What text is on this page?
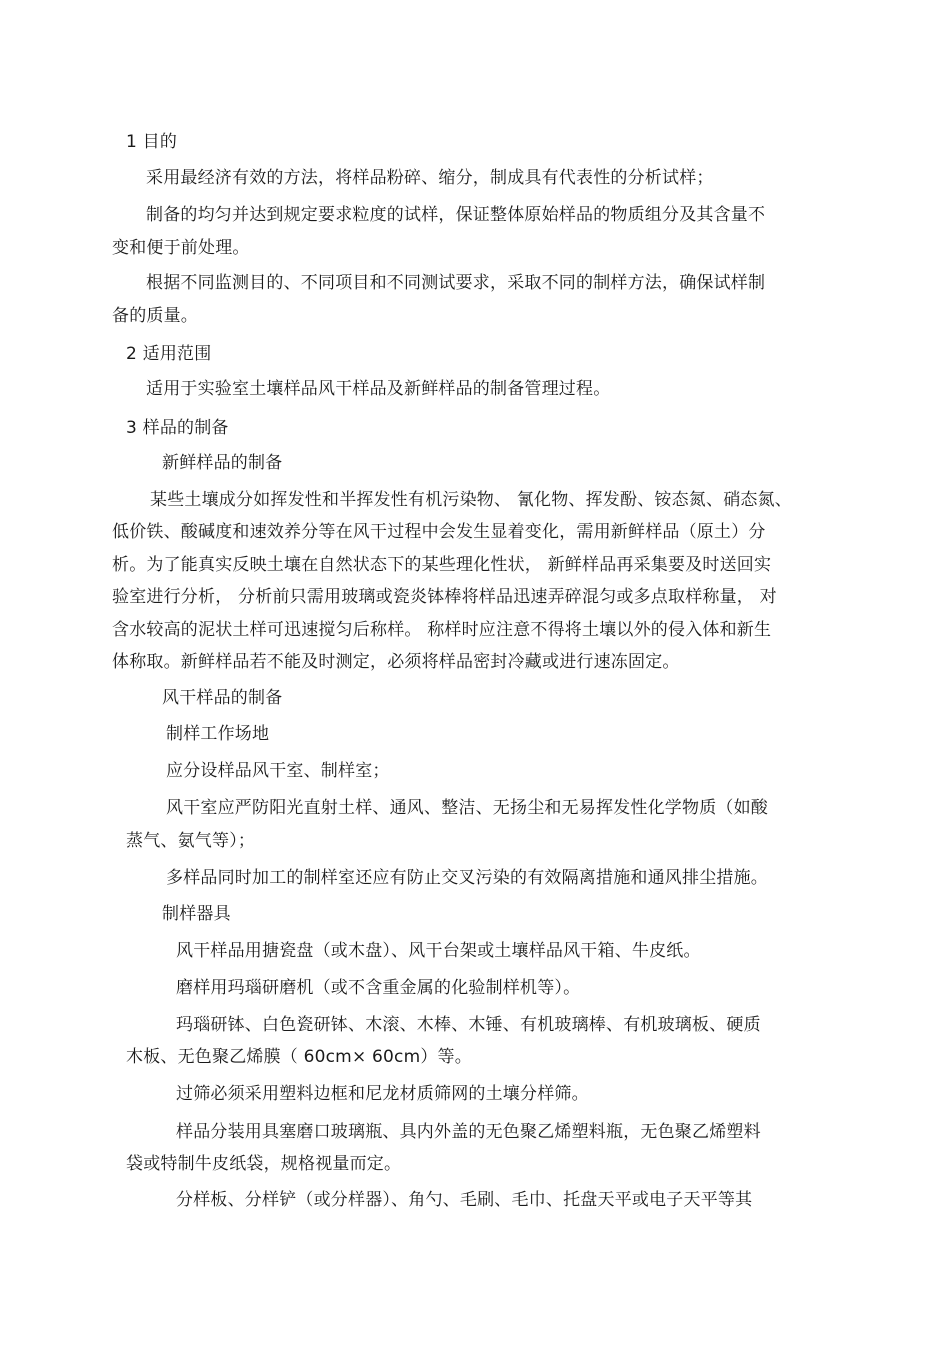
1 目的
采用最经济有效的方法，将样品粉碎、缩分，制成具有代表性的分析试样；
制备的均匀并达到规定要求粒度的试样，保证整体原始样品的物质组分及其含量不
变和便于前处理。
根据不同监测目的、不同项目和不同测试要求，采取不同的制样方法，确保试样制
备的质量。
2 适用范围
适用于实验室土壤样品风干样品及新鲜样品的制备管理过程。
3 样品的制备
新鲜样品的制备
某些土壤成分如挥发性和半挥发性有机污染物、 氰化物、挥发酚、铵态氮、硝态氮、
低价铁、酸碱度和速效养分等在风干过程中会发生显着变化，需用新鲜样品（原土）分
析。为了能真实反映土壤在自然状态下的某些理化性状， 新鲜样品再采集要及时送回实
验室进行分析， 分析前只需用玻璃或瓷炎钵棒将样品迅速弄碎混匀或多点取样称量， 对
含水较高的泥状土样可迅速搅匀后称样。 称样时应注意不得将土壤以外的侵入体和新生
体称取。新鲜样品若不能及时测定，必须将样品密封冷藏或进行速冻固定。
风干样品的制备
制样工作场地
应分设样品风干室、制样室；
风干室应严防阳光直射土样、通风、整洁、无扬尘和无易挥发性化学物质（如酸
蒸气、氨气等）；
多样品同时加工的制样室还应有防止交叉污染的有效隔离措施和通风排尘措施。
制样器具
风干样品用搪瓷盘（或木盘）、风干台架或土壤样品风干箱、牛皮纸。
磨样用玛瑙研磨机（或不含重金属的化验制样机等）。
玛瑙研钵、白色瓷研钵、木滚、木棒、木锤、有机玻璃棒、有机玻璃板、硬质
木板、无色聚乙烯膜（ 60cm× 60cm）等。
过筛必须采用塑料边框和尼龙材质筛网的土壤分样筛。
样品分装用具塞磨口玻璃瓶、具内外盖的无色聚乙烯塑料瓶，无色聚乙烯塑料
袋或特制牛皮纸袋，规格视量而定。
分样板、分样铲（或分样器）、角勺、毛刷、毛巾、托盘天平或电子天平等其
